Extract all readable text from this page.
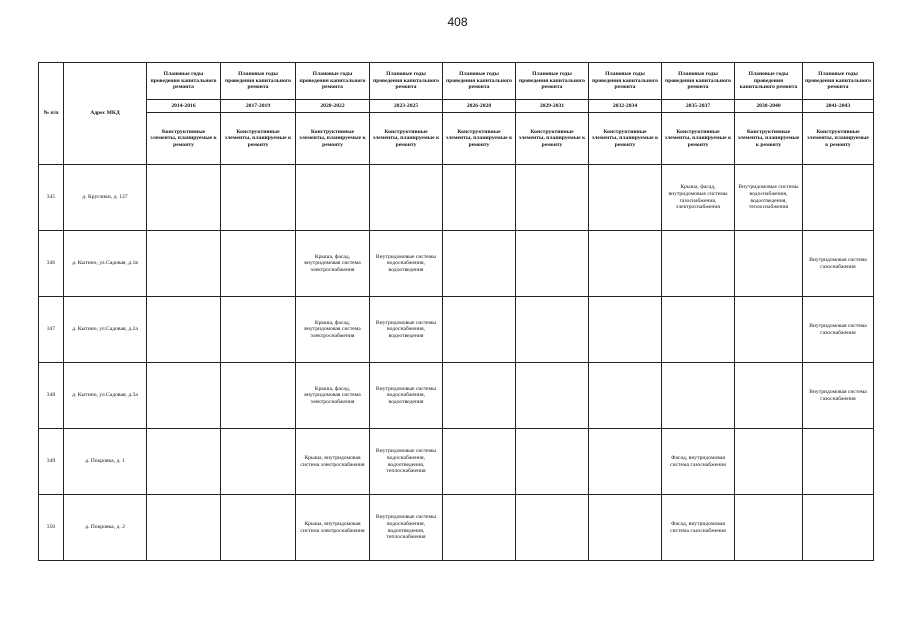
408
№ п/п	Адрес МКД	Плановые годы проведения капитального ремонта	Плановые годы проведения капитального ремонта	Плановые годы проведения капитального ремонта	Плановые годы проведения капитального ремонта	Плановые годы проведения капитального ремонта	Плановые годы проведения капитального ремонта	Плановые годы проведения капитального ремонта	Плановые годы проведения капитального ремонта	Плановые годы проведения капитального ремонта	Плановые годы проведения капитального ремонта
		2014-2016	2017-2019	2020-2022	2023-2025	2026-2028	2029-2031	2032-2034	2035-2037	2038-2040	2041-2043
		Конструктивные элементы, планируемые к ремонту	Конструктивные элементы, планируемые к ремонту	Конструктивные элементы, планируемые к ремонту	Конструктивные элементы, планируемые к ремонту	Конструктивные элементы, планируемые к ремонту	Конструктивные элементы, планируемые к ремонту	Конструктивные элементы, планируемые к ремонту	Конструктивные элементы, планируемые к ремонту	Конструктивные элементы, планируемые к ремонту	Конструктивные элементы, планируемые к ремонту
345	д. Кругликн, д. 127								Крыша, фасад, внутридомовые системы газоснабжения, электроснабжения	Внутридомовые системы водоснабжения, водоотведения, теплоснабжения	
346	д. Кытино, ул.Садовая, д.1в			Крыша, фасад, внутридомовая система электроснабжения	Внутридомовые системы водоснабжения, водоотведения						Внутридомовая система газоснабжения
347	д. Кытино, ул.Садовая, д.2а			Крыша, фасад, внутридомовая система электроснабжения	Внутридомовые системы водоснабжения, водоотведения						Внутридомовая система газоснабжения
348	д. Кытино, ул.Садовая, д.3а			Крыша, фасад, внутридомовая система электроснабжения	Внутридомовые системы водоснабжения, водоотведения						Внутридомовая система газоснабжения
349	д. Покровка, д. 1			Крыша, внутридомовая система электроснабжения	Внутридомовые системы водоснабжения, водоотведения, теплоснабжения				Фасад, внутридомовая система газоснабжения		
350	д. Покровка, д. 2			Крыша, внутридомовая система электроснабжения	Внутридомовые системы водоснабжения, водоотведения, теплоснабжения				Фасад, внутридомовая система газоснабжения		
